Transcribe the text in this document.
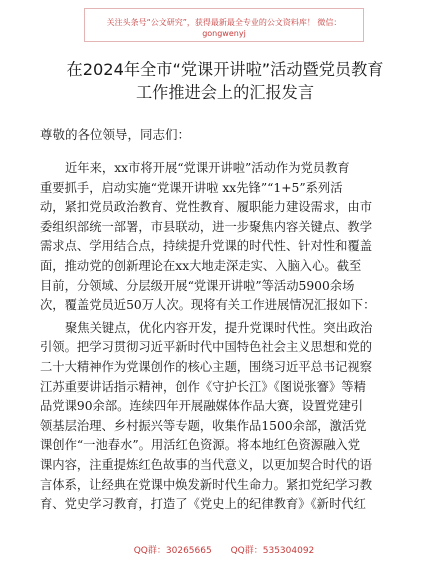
关注头条号“公文研究”，获得最新最全专业的公文资料库！ 微信：gongwenyj
在2024年全市“党课开讲啦”活动暨党员教育
工作推进会上的汇报发言
尊敬的各位领导，同志们：
近年来，xx市将开展“党课开讲啦”活动作为党员教育
重要抓手，启动实施“党课开讲啦 xx先锋”“1+5”系列活
动，紧扣党员政治教育、党性教育、履职能力建设需求，由市
委组织部统一部署，市县联动，进一步聚焦内容关键点、教学
需求点、学用结合点，持续提升党课的时代性、针对性和覆盖
面，推动党的创新理论在xx大地走深走实、入脑入心。截至
目前，分领域、分层级开展“党课开讲啦”等活动5900余场
次，覆盖党员近50万人次。现将有关工作进展情况汇报如下：
聚焦关键点，优化内容开发，提升党课时代性。突出政治
引领。把学习贯彻习近平新时代中国特色社会主义思想和党的
二十大精神作为党课创作的核心主题，围绕习近平总书记视察
江苏重要讲话指示精神，创作《守护长江》《图说张謇》等精
品党课90余部。连续四年开展融媒体作品大赛，设置党建引
领基层治理、乡村振兴等专题，收集作品1500余部，激活党
课创作“一池春水”。用活红色资源。将本地红色资源融入党
课内容，注重提炼红色故事的当代意义，以更加契合时代的语
言体系，让经典在党课中焕发新时代生命力。紧扣党纪学习教
育、党史学习教育，打造了《党史上的纪律教育》《新时代红
QQ群：30265665 QQ群：535304092
